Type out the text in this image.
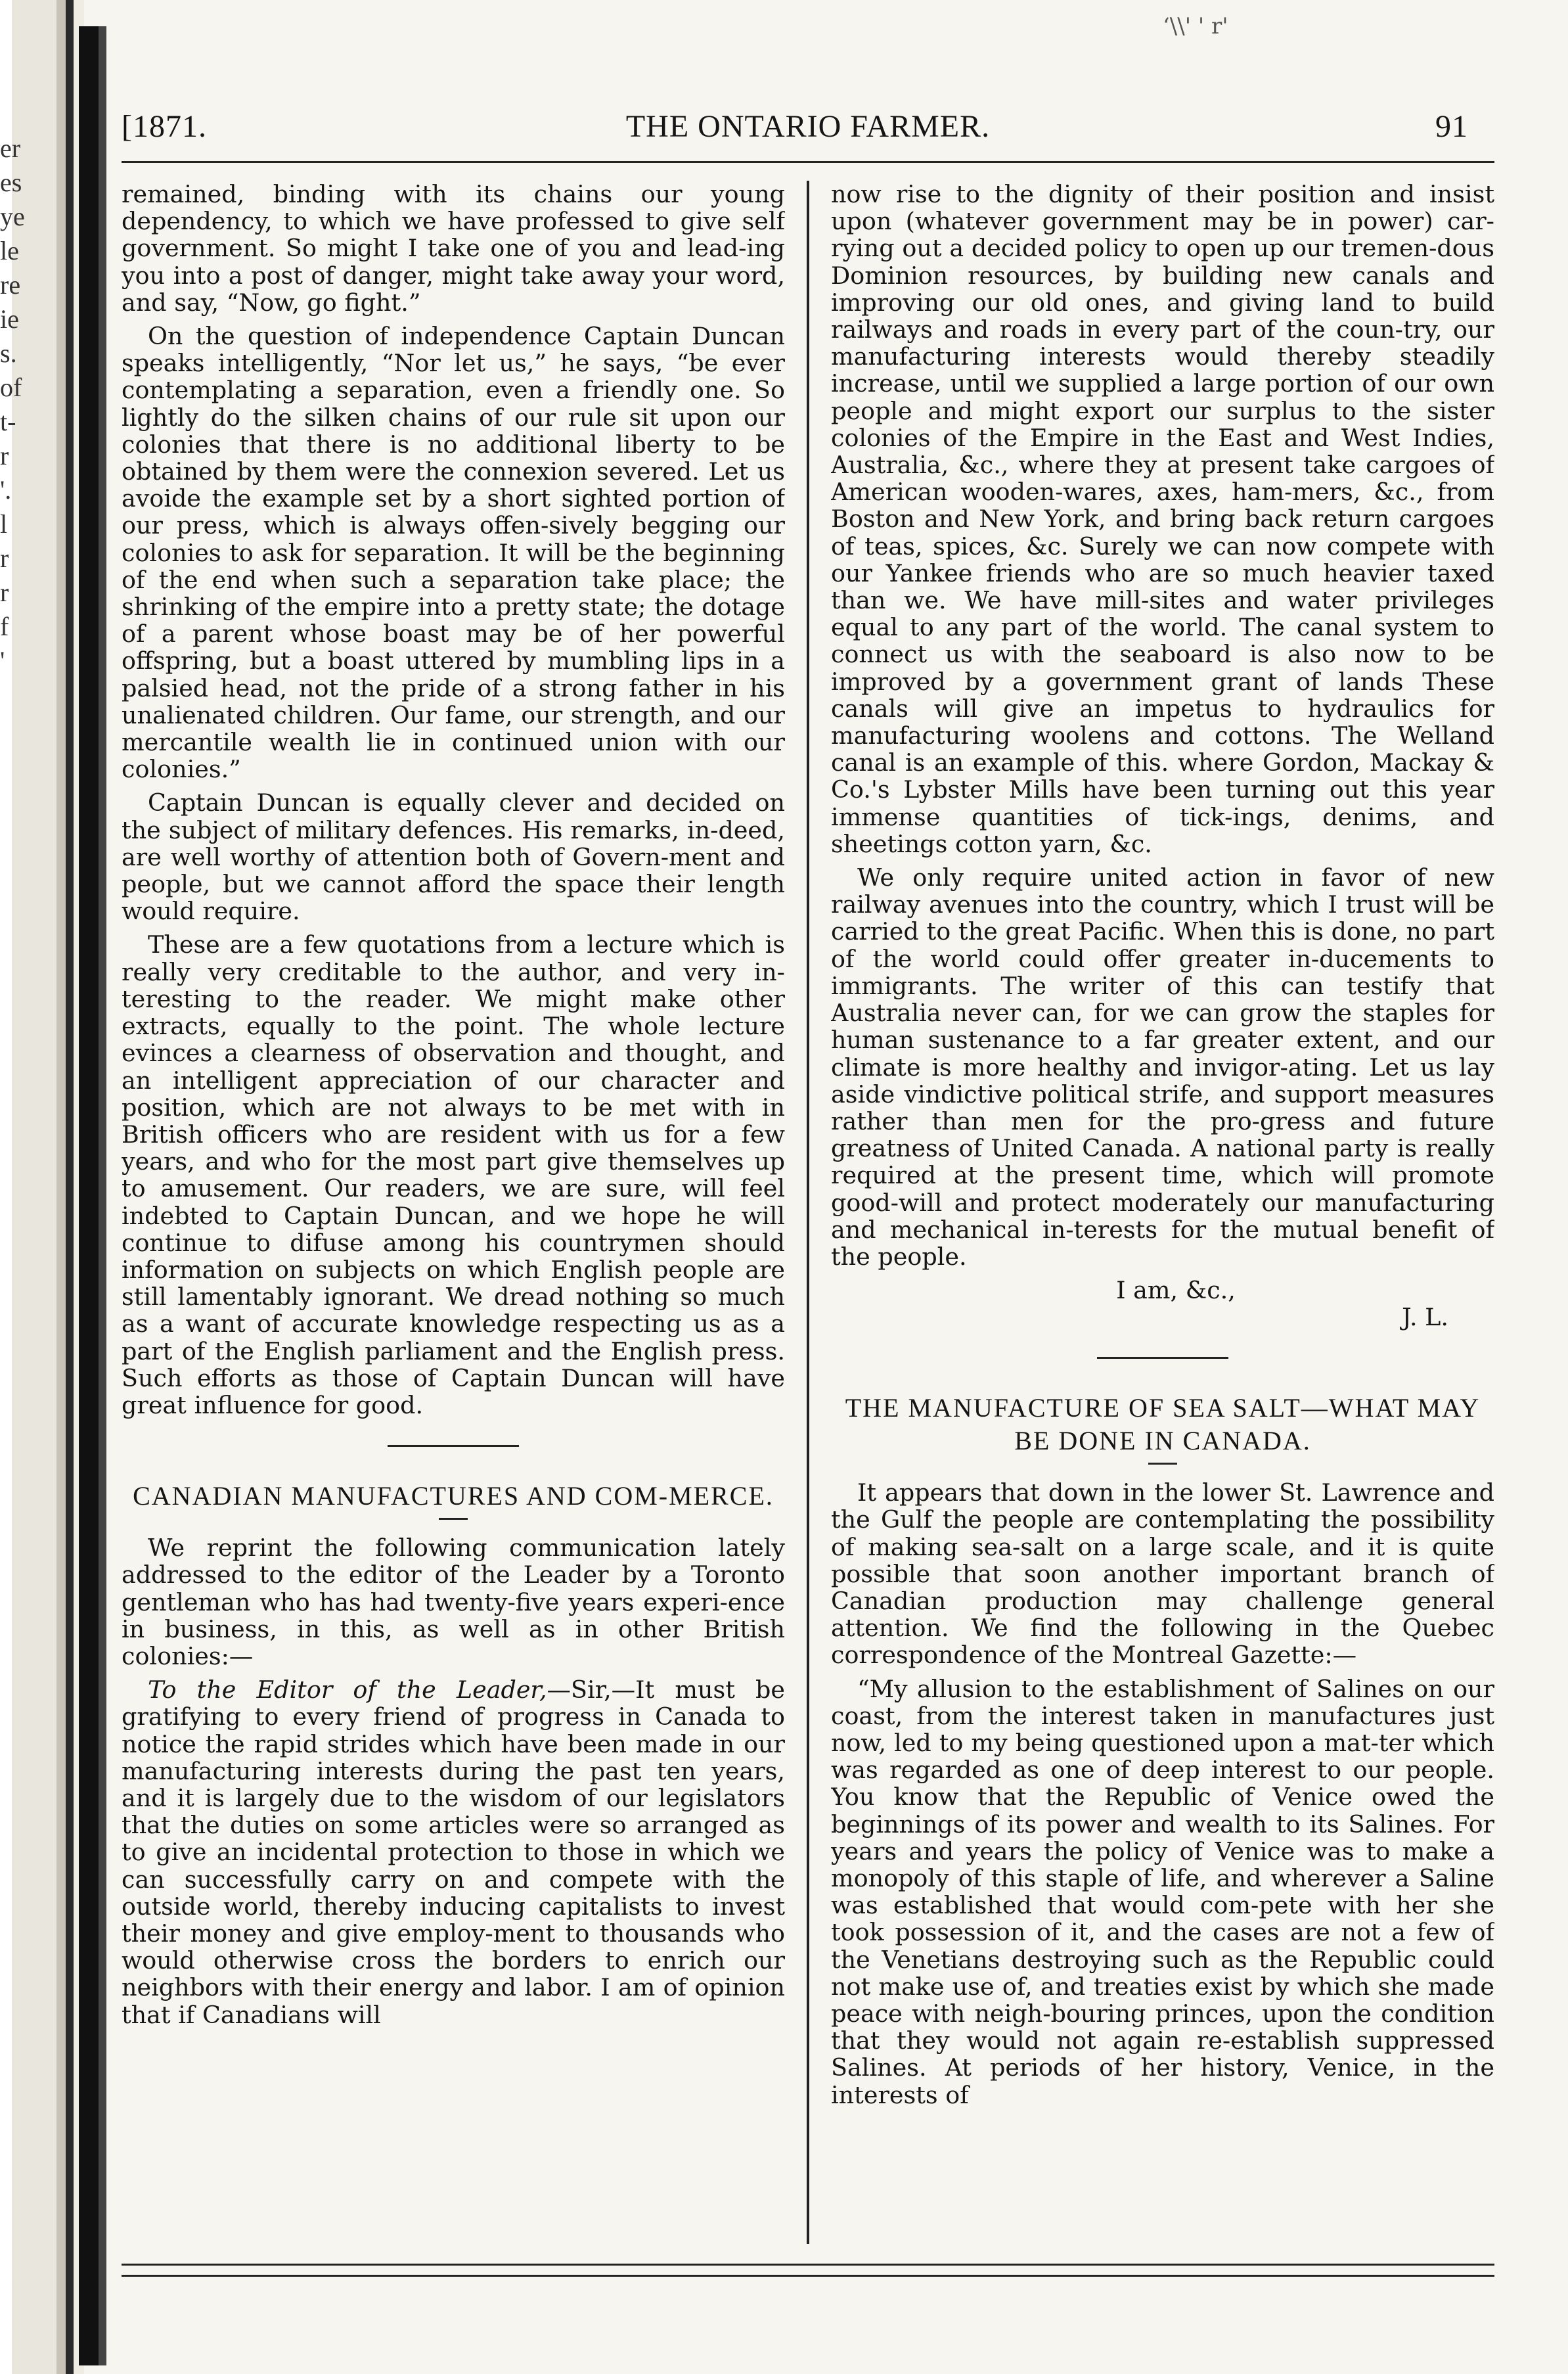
er
es
ye
le
re
ie
s.
of
t-
r
'.
l
r
r
f
'
‘\\' ' r'
[1871.	THE ONTARIO FARMER.	91

remained, binding with its chains our young dependency, to which we have professed to give self government. So might I take one of you and lead-ing you into a post of danger, might take away your word, and say, “Now, go fight.”

On the question of independence Captain Duncan speaks intelligently, “Nor let us,” he says, “be ever contemplating a separation, even a friendly one. So lightly do the silken chains of our rule sit upon our colonies that there is no additional liberty to be obtained by them were the connexion severed. Let us avoide the example set by a short sighted portion of our press, which is always offen-sively begging our colonies to ask for separation. It will be the beginning of the end when such a separation take place; the shrinking of the empire into a pretty state; the dotage of a parent whose boast may be of her powerful offspring, but a boast uttered by mumbling lips in a palsied head, not the pride of a strong father in his unalienated children. Our fame, our strength, and our mercantile wealth lie in continued union with our colonies.”

Captain Duncan is equally clever and decided on the subject of military defences. His remarks, in-deed, are well worthy of attention both of Govern-ment and people, but we cannot afford the space their length would require.

These are a few quotations from a lecture which is really very creditable to the author, and very in-teresting to the reader. We might make other extracts, equally to the point. The whole lecture evinces a clearness of observation and thought, and an intelligent appreciation of our character and position, which are not always to be met with in British officers who are resident with us for a few years, and who for the most part give themselves up to amusement. Our readers, we are sure, will feel indebted to Captain Duncan, and we hope he will continue to difuse among his countrymen should information on subjects on which English people are still lamentably ignorant. We dread nothing so much as a want of accurate knowledge respecting us as a part of the English parliament and the English press. Such efforts as those of Captain Duncan will have great influence for good.

CANADIAN MANUFACTURES AND COM-MERCE.

We reprint the following communication lately addressed to the editor of the Leader by a Toronto gentleman who has had twenty-five years experi-ence in business, in this, as well as in other British colonies:—

To the Editor of the Leader,—Sir,—It must be gratifying to every friend of progress in Canada to notice the rapid strides which have been made in our manufacturing interests during the past ten years, and it is largely due to the wisdom of our legislators that the duties on some articles were so arranged as to give an incidental protection to those in which we can successfully carry on and compete with the outside world, thereby inducing capitalists to invest their money and give employ-ment to thousands who would otherwise cross the borders to enrich our neighbors with their energy and labor. I am of opinion that if Canadians will

now rise to the dignity of their position and insist upon (whatever government may be in power) car-rying out a decided policy to open up our tremen-dous Dominion resources, by building new canals and improving our old ones, and giving land to build railways and roads in every part of the coun-try, our manufacturing interests would thereby steadily increase, until we supplied a large portion of our own people and might export our surplus to the sister colonies of the Empire in the East and West Indies, Australia, &c., where they at present take cargoes of American wooden-wares, axes, ham-mers, &c., from Boston and New York, and bring back return cargoes of teas, spices, &c. Surely we can now compete with our Yankee friends who are so much heavier taxed than we. We have mill-sites and water privileges equal to any part of the world. The canal system to connect us with the seaboard is also now to be improved by a government grant of lands These canals will give an impetus to hydraulics for manufacturing woolens and cottons. The Welland canal is an example of this. where Gordon, Mackay & Co.'s Lybster Mills have been turning out this year immense quantities of tick-ings, denims, and sheetings cotton yarn, &c.

We only require united action in favor of new railway avenues into the country, which I trust will be carried to the great Pacific. When this is done, no part of the world could offer greater in-ducements to immigrants. The writer of this can testify that Australia never can, for we can grow the staples for human sustenance to a far greater extent, and our climate is more healthy and invigor-ating. Let us lay aside vindictive political strife, and support measures rather than men for the pro-gress and future greatness of United Canada. A national party is really required at the present time, which will promote good-will and protect moderately our manufacturing and mechanical in-terests for the mutual benefit of the people.

I am, &c.,

J. L.

THE MANUFACTURE OF SEA SALT—WHAT MAY BE DONE IN CANADA.

It appears that down in the lower St. Lawrence and the Gulf the people are contemplating the possibility of making sea-salt on a large scale, and it is quite possible that soon another important branch of Canadian production may challenge general attention. We find the following in the Quebec correspondence of the Montreal Gazette:—

“My allusion to the establishment of Salines on our coast, from the interest taken in manufactures just now, led to my being questioned upon a mat-ter which was regarded as one of deep interest to our people. You know that the Republic of Venice owed the beginnings of its power and wealth to its Salines. For years and years the policy of Venice was to make a monopoly of this staple of life, and wherever a Saline was established that would com-pete with her she took possession of it, and the cases are not a few of the Venetians destroying such as the Republic could not make use of, and treaties exist by which she made peace with neigh-bouring princes, upon the condition that they would not again re-establish suppressed Salines. At periods of her history, Venice, in the interests of
